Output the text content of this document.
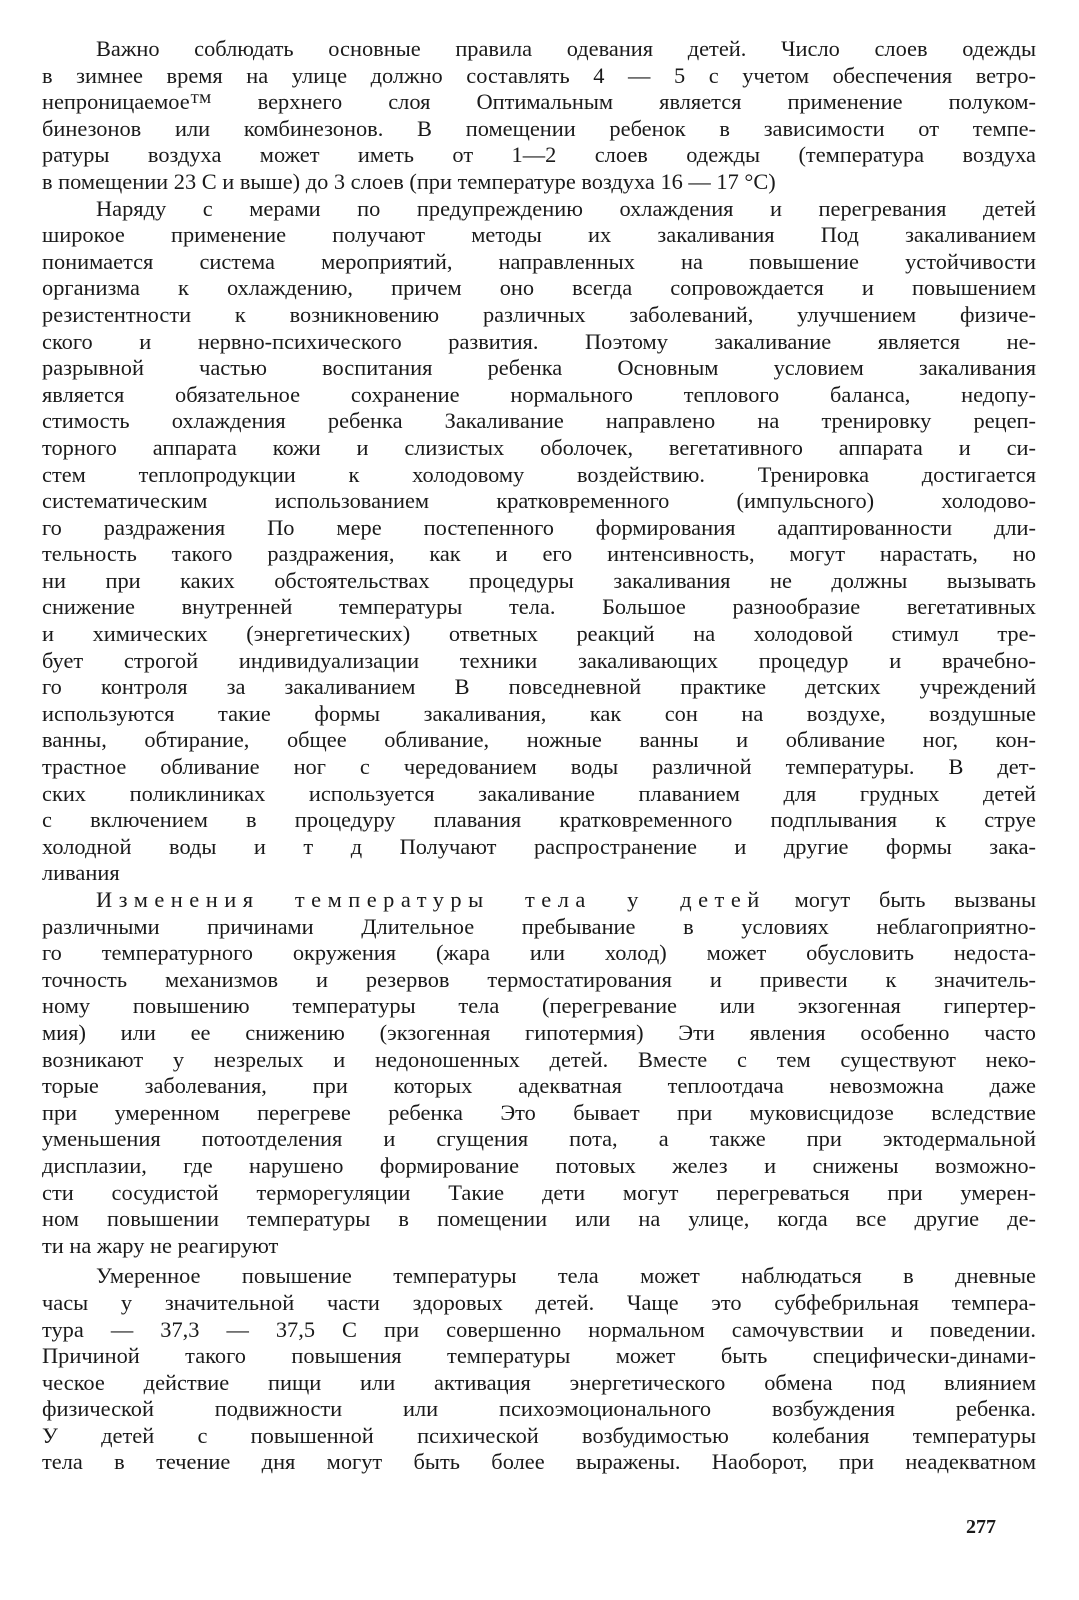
Важно соблюдать основные правила одевания детей. Число слоев одежды
в зимнее время на улице должно составлять 4 — 5 с учетом обеспечения ветро-
непроницаемое™ верхнего слоя Оптимальным является применение полуком-
бинезонов или комбинезонов. В помещении ребенок в зависимости от темпе-
ратуры воздуха может иметь от 1—2 слоев одежды (температура воздуха
в помещении 23 С и выше) до 3 слоев (при температуре воздуха 16 — 17 °С)
Наряду с мерами по предупреждению охлаждения и перегревания детей
широкое применение получают методы их закаливания Под закаливанием
понимается система мероприятий, направленных на повышение устойчивости
организма к охлаждению, причем оно всегда сопровождается и повышением
резистентности к возникновению различных заболеваний, улучшением физиче-
ского и нервно-психического развития. Поэтому закаливание является не-
разрывной частью воспитания ребенка Основным условием закаливания
является обязательное сохранение нормального теплового баланса, недопу-
стимость охлаждения ребенка Закаливание направлено на тренировку рецеп-
торного аппарата кожи и слизистых оболочек, вегетативного аппарата и си-
стем теплопродукции к холодовому воздействию. Тренировка достигается
систематическим использованием кратковременного (импульсного) холодово-
го раздражения По мере постепенного формирования адаптированности дли-
тельность такого раздражения, как и его интенсивность, могут нарастать, но
ни при каких обстоятельствах процедуры закаливания не должны вызывать
снижение внутренней температуры тела. Большое разнообразие вегетативных
и химических (энергетических) ответных реакций на холодовой стимул тре-
бует строгой индивидуализации техники закаливающих процедур и врачебно-
го контроля за закаливанием В повседневной практике детских учреждений
используются такие формы закаливания, как сон на воздухе, воздушные
ванны, обтирание, общее обливание, ножные ванны и обливание ног, кон-
трастное обливание ног с чередованием воды различной температуры. В дет-
ских поликлиниках используется закаливание плаванием для грудных детей
с включением в процедуру плавания кратковременного подплывания к струе
холодной воды и т д Получают распространение и другие формы зака-
ливания
Изменения температуры тела у детей могут быть вызваны
различными причинами Длительное пребывание в условиях неблагоприятно-
го температурного окружения (жара или холод) может обусловить недоста-
точность механизмов и резервов термостатирования и привести к значитель-
ному повышению температуры тела (перегревание или экзогенная гипертер-
мия) или ее снижению (экзогенная гипотермия) Эти явления особенно часто
возникают у незрелых и недоношенных детей. Вместе с тем существуют неко-
торые заболевания, при которых адекватная теплоотдача невозможна даже
при умеренном перегреве ребенка Это бывает при муковисцидозе вследствие
уменьшения потоотделения и сгущения пота, а также при эктодермальной
дисплазии, где нарушено формирование потовых желез и снижены возможно-
сти сосудистой терморегуляции Такие дети могут перегреваться при умерен-
ном повышении температуры в помещении или на улице, когда все другие де-
ти на жару не реагируют
Умеренное повышение температуры тела может наблюдаться в дневные
часы у значительной части здоровых детей. Чаще это субфебрильная темпера-
тура — 37,3 — 37,5 С при совершенно нормальном самочувствии и поведении.
Причиной такого повышения температуры может быть специфически-динами-
ческое действие пищи или активация энергетического обмена под влиянием
физической подвижности или психоэмоционального возбуждения ребенка.
У детей с повышенной психической возбудимостью колебания температуры
тела в течение дня могут быть более выражены. Наоборот, при неадекватном
277
